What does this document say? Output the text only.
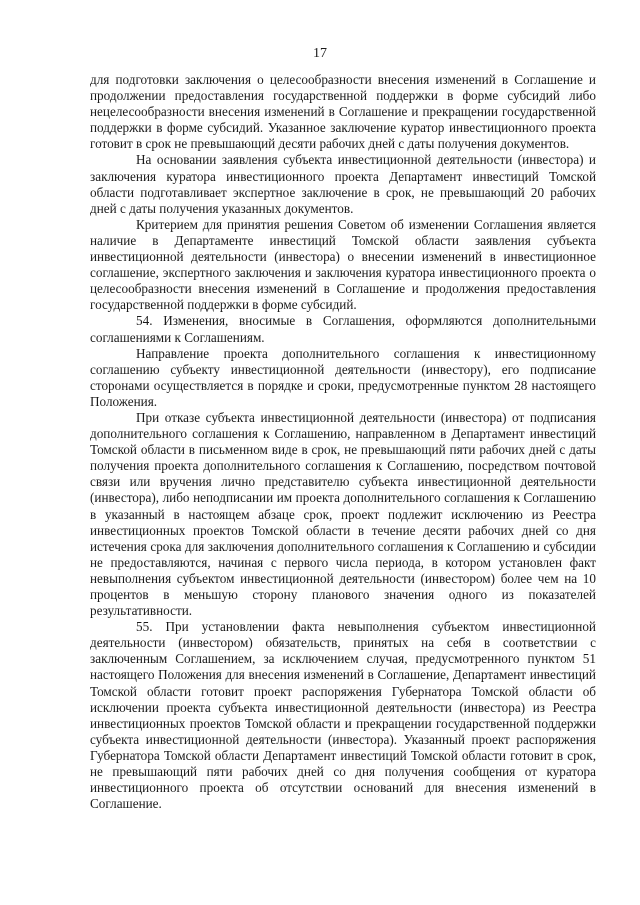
17

для подготовки заключения о целесообразности внесения изменений в Соглашение и продолжении предоставления государственной поддержки в форме субсидий либо нецелесообразности внесения изменений в Соглашение и прекращении государственной поддержки в форме субсидий. Указанное заключение куратор инвестиционного проекта готовит в срок не превышающий десяти рабочих дней с даты получения документов.

На основании заявления субъекта инвестиционной деятельности (инвестора) и заключения куратора инвестиционного проекта Департамент инвестиций Томской области подготавливает экспертное заключение в срок, не превышающий 20 рабочих дней с даты получения указанных документов.

Критерием для принятия решения Советом об изменении Соглашения является наличие в Департаменте инвестиций Томской области заявления субъекта инвестиционной деятельности (инвестора) о внесении изменений в инвестиционное соглашение, экспертного заключения и заключения куратора инвестиционного проекта о целесообразности внесения изменений в Соглашение и продолжения предоставления государственной поддержки в форме субсидий.

54. Изменения, вносимые в Соглашения, оформляются дополнительными соглашениями к Соглашениям.

Направление проекта дополнительного соглашения к инвестиционному соглашению субъекту инвестиционной деятельности (инвестору), его подписание сторонами осуществляется в порядке и сроки, предусмотренные пунктом 28 настоящего Положения.

При отказе субъекта инвестиционной деятельности (инвестора) от подписания дополнительного соглашения к Соглашению, направленном в Департамент инвестиций Томской области в письменном виде в срок, не превышающий пяти рабочих дней с даты получения проекта дополнительного соглашения к Соглашению, посредством почтовой связи или вручения лично представителю субъекта инвестиционной деятельности (инвестора), либо неподписании им проекта дополнительного соглашения к Соглашению в указанный в настоящем абзаце срок, проект подлежит исключению из Реестра инвестиционных проектов Томской области в течение десяти рабочих дней со дня истечения срока для заключения дополнительного соглашения к Соглашению и субсидии не предоставляются, начиная с первого числа периода, в котором установлен факт невыполнения субъектом инвестиционной деятельности (инвестором) более чем на 10 процентов в меньшую сторону планового значения одного из показателей результативности.

55. При установлении факта невыполнения субъектом инвестиционной деятельности (инвестором) обязательств, принятых на себя в соответствии с заключенным Соглашением, за исключением случая, предусмотренного пунктом 51 настоящего Положения для внесения изменений в Соглашение, Департамент инвестиций Томской области готовит проект распоряжения Губернатора Томской области об исключении проекта субъекта инвестиционной деятельности (инвестора) из Реестра инвестиционных проектов Томской области и прекращении государственной поддержки субъекта инвестиционной деятельности (инвестора). Указанный проект распоряжения Губернатора Томской области Департамент инвестиций Томской области готовит в срок, не превышающий пяти рабочих дней со дня получения сообщения от куратора инвестиционного проекта об отсутствии оснований для внесения изменений в Соглашение.
